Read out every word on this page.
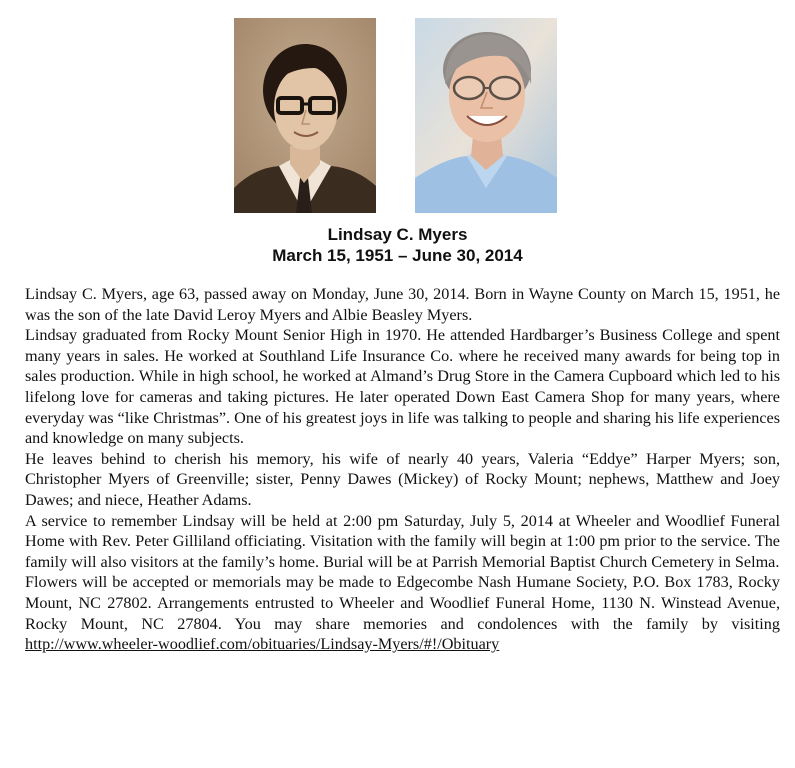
Lindsay C. Myers
March 15, 1951 – June 30, 2014

Lindsay C. Myers, age 63, passed away on Monday, June 30, 2014. Born in Wayne County on March 15, 1951, he was the son of the late David Leroy Myers and Albie Beasley Myers.

Lindsay graduated from Rocky Mount Senior High in 1970. He attended Hardbarger’s Business College and spent many years in sales. He worked at Southland Life Insurance Co. where he received many awards for being top in sales production. While in high school, he worked at Almand’s Drug Store in the Camera Cupboard which led to his lifelong love for cameras and taking pictures. He later operated Down East Camera Shop for many years, where everyday was “like Christmas”. One of his greatest joys in life was talking to people and sharing his life experiences and knowledge on many subjects.

He leaves behind to cherish his memory, his wife of nearly 40 years, Valeria “Eddye” Harper Myers; son, Christopher Myers of Greenville; sister, Penny Dawes (Mickey) of Rocky Mount; nephews, Matthew and Joey Dawes; and niece, Heather Adams.

A service to remember Lindsay will be held at 2:00 pm Saturday, July 5, 2014 at Wheeler and Woodlief Funeral Home with Rev. Peter Gilliland officiating. Visitation with the family will begin at 1:00 pm prior to the service. The family will also visitors at the family’s home. Burial will be at Parrish Memorial Baptist Church Cemetery in Selma.

Flowers will be accepted or memorials may be made to Edgecombe Nash Humane Society, P.O. Box 1783, Rocky Mount, NC 27802. Arrangements entrusted to Wheeler and Woodlief Funeral Home, 1130 N. Winstead Avenue, Rocky Mount, NC 27804. You may share memories and condolences with the family by visiting http://www.wheeler-woodlief.com/obituaries/Lindsay-Myers/#!/Obituary
